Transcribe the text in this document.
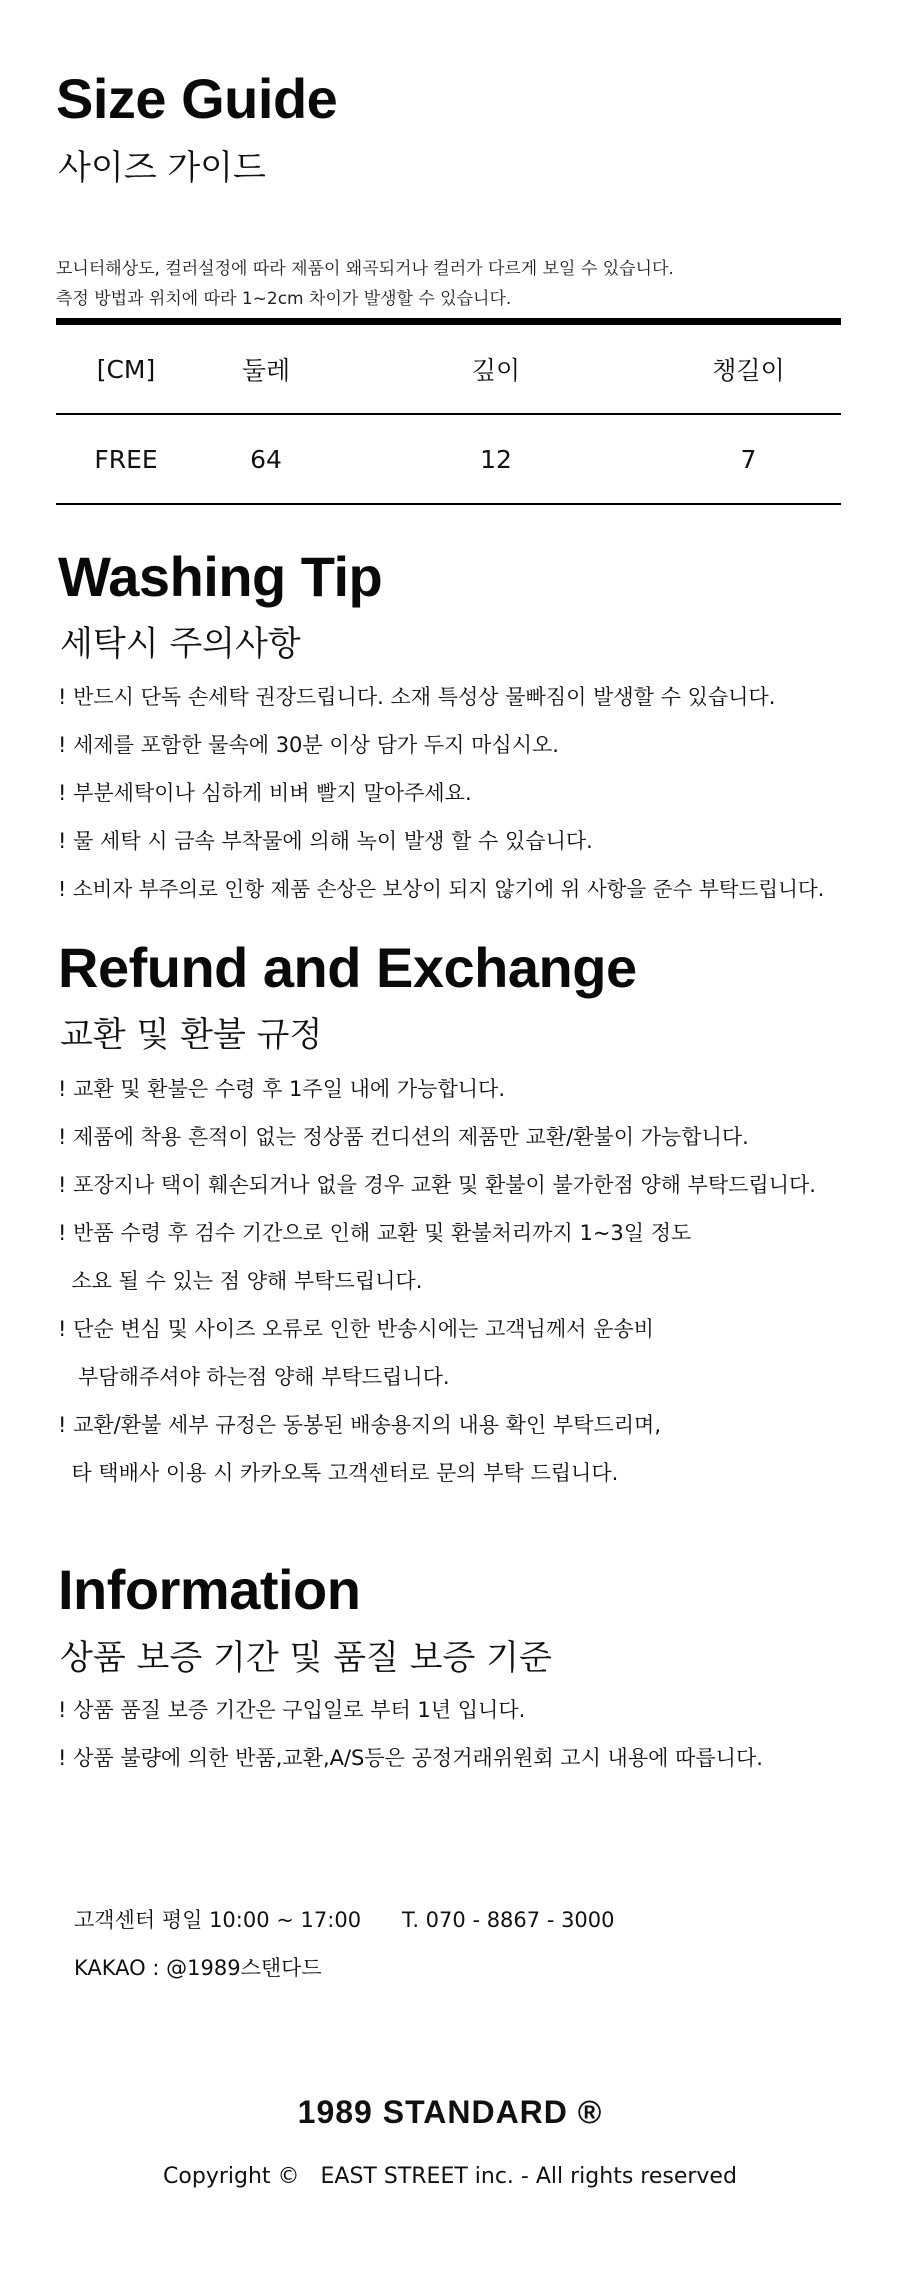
Size Guide
사이즈 가이드
모니터해상도, 컬러설정에 따라 제품이 왜곡되거나 컬러가 다르게 보일 수 있습니다.
측정 방법과 위치에 따라 1~2cm 차이가 발생할 수 있습니다.
[CM]	둘레	깊이	챙길이
FREE	64	12	7
Washing Tip
세탁시 주의사항
! 반드시 단독 손세탁 권장드립니다. 소재 특성상 물빠짐이 발생할 수 있습니다.
! 세제를 포함한 물속에 30분 이상 담가 두지 마십시오.
! 부분세탁이나 심하게 비벼 빨지 말아주세요.
! 물 세탁 시 금속 부착물에 의해 녹이 발생 할 수 있습니다.
! 소비자 부주의로 인항 제품 손상은 보상이 되지 않기에 위 사항을 준수 부탁드립니다.
Refund and Exchange
교환 및 환불 규정
! 교환 및 환불은 수령 후 1주일 내에 가능합니다.
! 제품에 착용 흔적이 없는 정상품 컨디션의 제품만 교환/환불이 가능합니다.
! 포장지나 택이 훼손되거나 없을 경우 교환 및 환불이 불가한점 양해 부탁드립니다.
! 반품 수령 후 검수 기간으로 인해 교환 및 환불처리까지 1~3일 정도
소요 될 수 있는 점 양해 부탁드립니다.
! 단순 변심 및 사이즈 오류로 인한 반송시에는 고객님께서 운송비
부담해주셔야 하는점 양해 부탁드립니다.
! 교환/환불 세부 규정은 동봉된 배송용지의 내용 확인 부탁드리며,
타 택배사 이용 시 카카오톡 고객센터로 문의 부탁 드립니다.
Information
상품 보증 기간 및 품질 보증 기준
! 상품 품질 보증 기간은 구입일로 부터 1년 입니다.
! 상품 불량에 의한 반품,교환,A/S등은 공정거래위원회 고시 내용에 따릅니다.
고객센터 평일 10:00 ~ 17:00 T. 070 - 8867 - 3000
KAKAO : @1989스탠다드
1989 STANDARD ®
Copyright ©   EAST STREET inc. - All rights reserved
